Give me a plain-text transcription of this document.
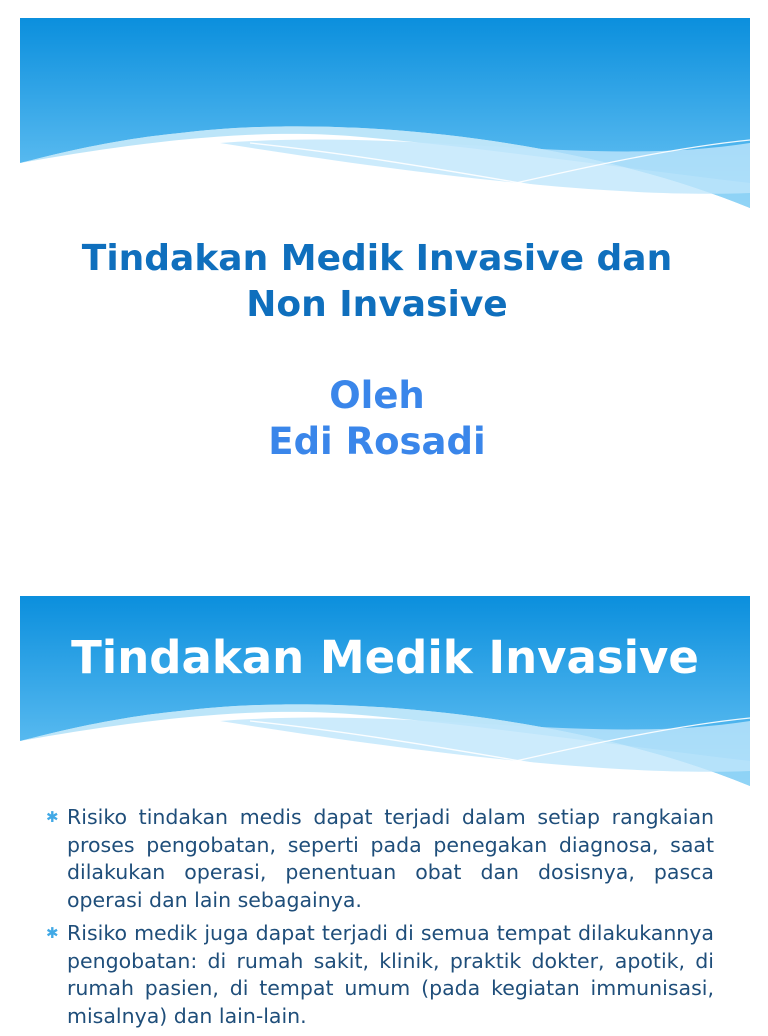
Tindakan Medik Invasive dan
Non Invasive
Oleh
Edi Rosadi
Tindakan Medik Invasive
✱ Risiko tindakan medis dapat terjadi dalam setiap rangkaian proses pengobatan, seperti pada penegakan diagnosa, saat dilakukan operasi, penentuan obat dan dosisnya, pasca operasi dan lain sebagainya.
✱ Risiko medik juga dapat terjadi di semua tempat dilakukannya pengobatan: di rumah sakit, klinik, praktik dokter, apotik, di rumah pasien, di tempat umum (pada kegiatan immunisasi, misalnya) dan lain-lain.
